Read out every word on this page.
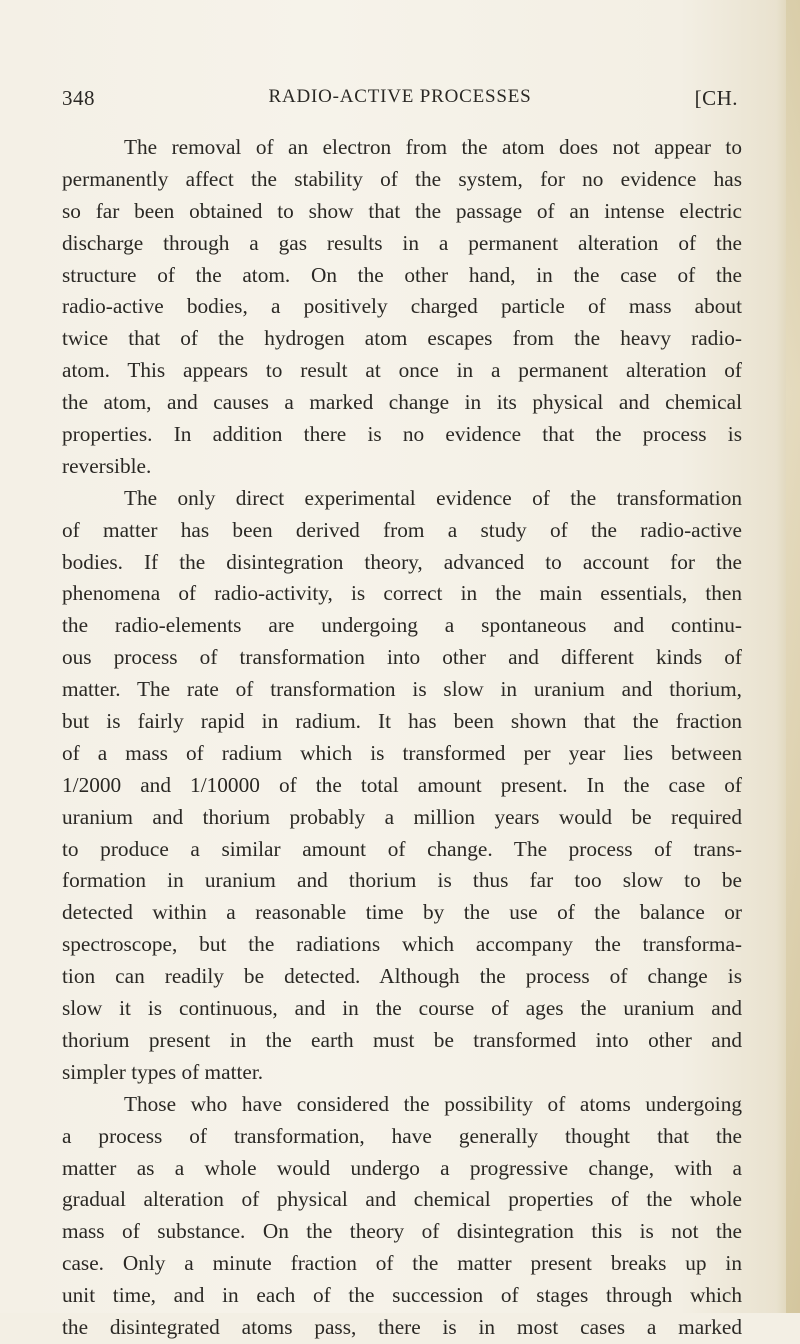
348	RADIO-ACTIVE PROCESSES	[CH.
The removal of an electron from the atom does not appear to
permanently affect the stability of the system, for no evidence has
so far been obtained to show that the passage of an intense electric
discharge through a gas results in a permanent alteration of the
structure of the atom. On the other hand, in the case of the
radio-active bodies, a positively charged particle of mass about
twice that of the hydrogen atom escapes from the heavy radio-
atom. This appears to result at once in a permanent alteration of
the atom, and causes a marked change in its physical and chemical
properties. In addition there is no evidence that the process is
reversible.
The only direct experimental evidence of the transformation
of matter has been derived from a study of the radio-active
bodies. If the disintegration theory, advanced to account for the
phenomena of radio-activity, is correct in the main essentials, then
the radio-elements are undergoing a spontaneous and continu-
ous process of transformation into other and different kinds of
matter. The rate of transformation is slow in uranium and thorium,
but is fairly rapid in radium. It has been shown that the fraction
of a mass of radium which is transformed per year lies between
1/2000 and 1/10000 of the total amount present. In the case of
uranium and thorium probably a million years would be required
to produce a similar amount of change. The process of trans-
formation in uranium and thorium is thus far too slow to be
detected within a reasonable time by the use of the balance or
spectroscope, but the radiations which accompany the transforma-
tion can readily be detected. Although the process of change is
slow it is continuous, and in the course of ages the uranium and
thorium present in the earth must be transformed into other and
simpler types of matter.
Those who have considered the possibility of atoms undergoing
a process of transformation, have generally thought that the
matter as a whole would undergo a progressive change, with a
gradual alteration of physical and chemical properties of the whole
mass of substance. On the theory of disintegration this is not the
case. Only a minute fraction of the matter present breaks up in
unit time, and in each of the succession of stages through which
the disintegrated atoms pass, there is in most cases a marked
